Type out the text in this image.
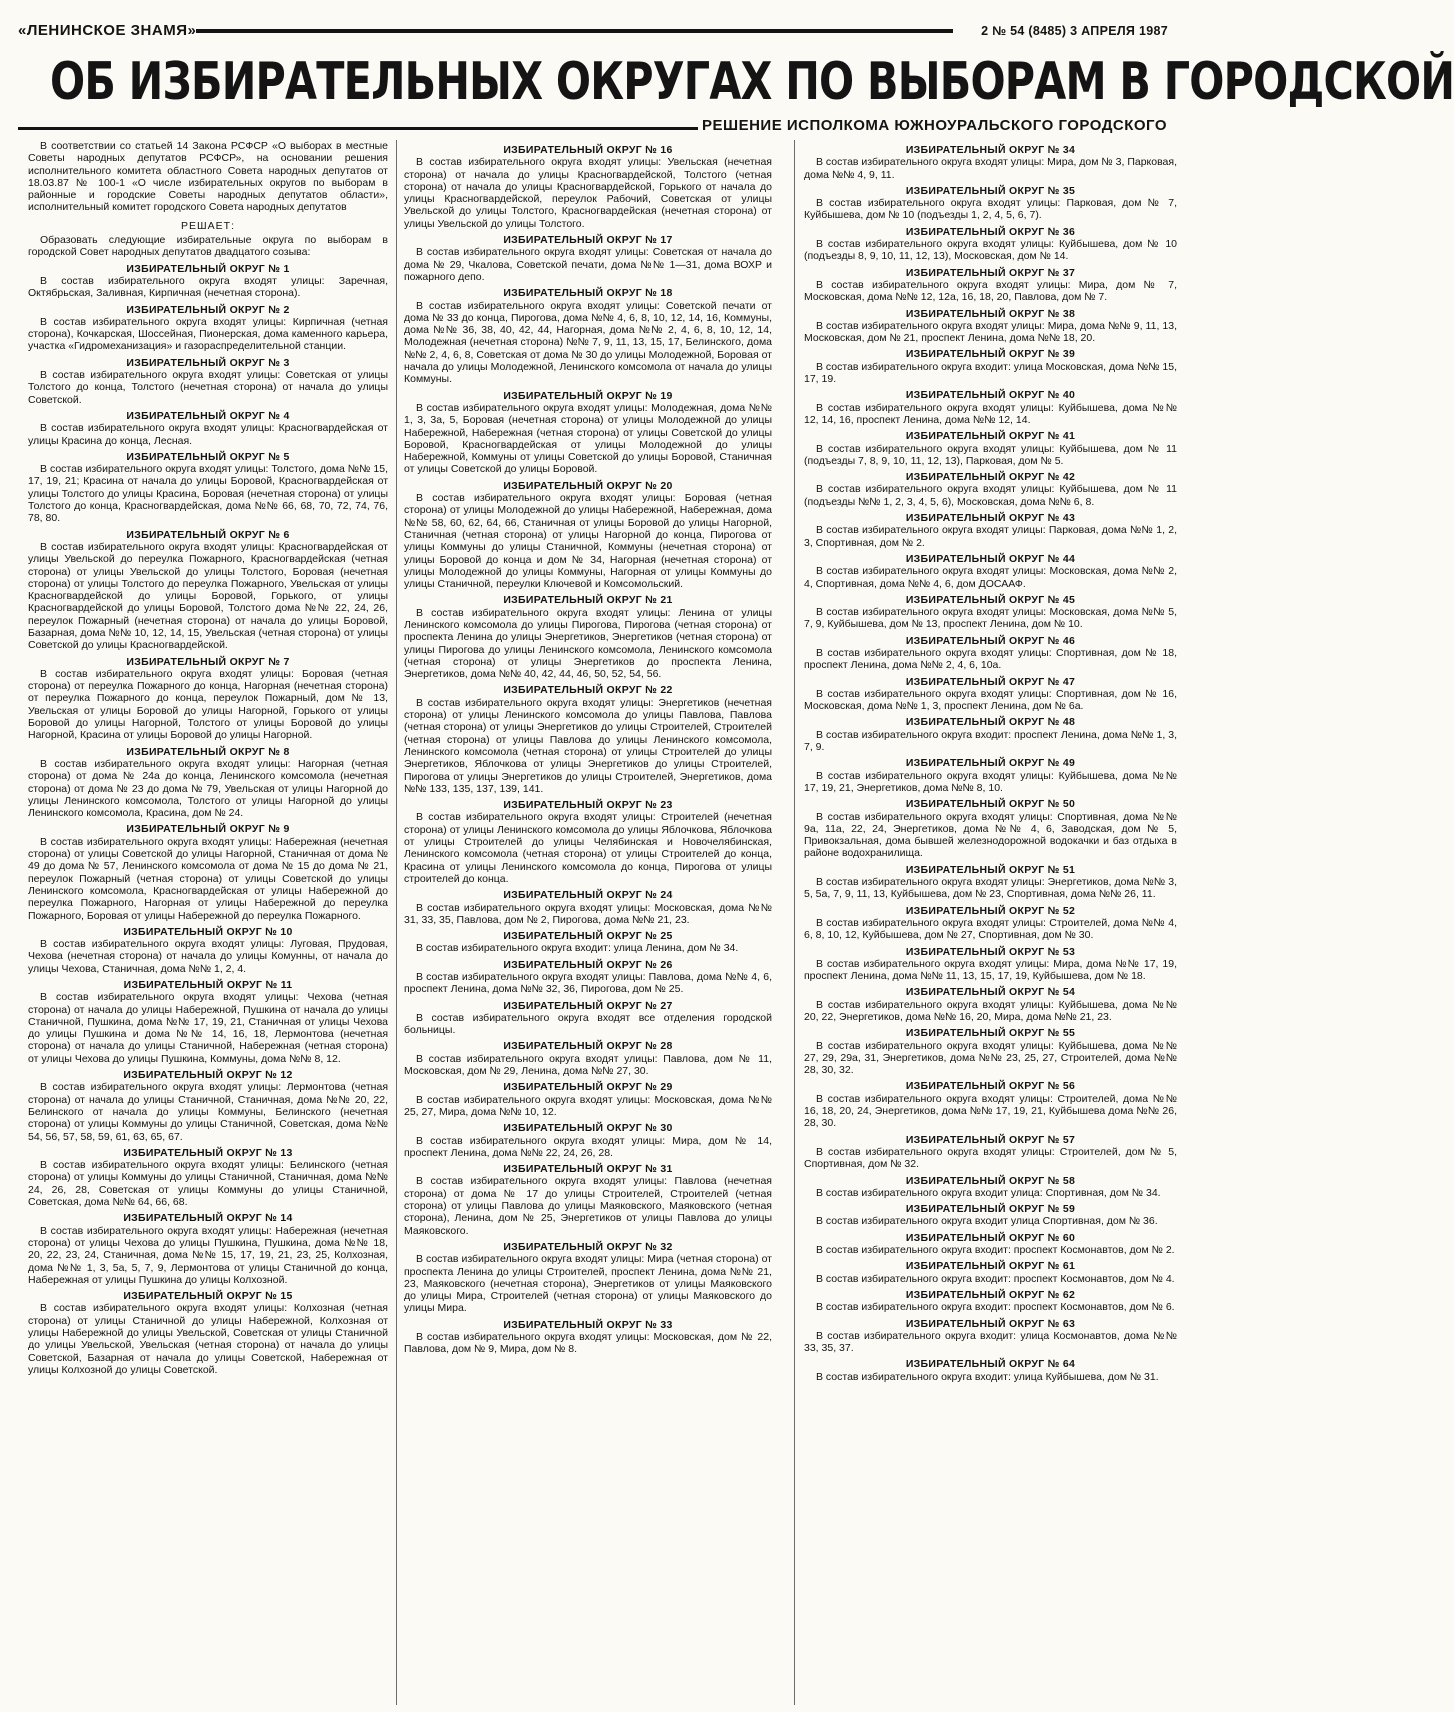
«ЛЕНИНСКОЕ ЗНАМЯ»	2 № 54 (8485) 3 АПРЕЛЯ 1987
ОБ ИЗБИРАТЕЛЬНЫХ ОКРУГАХ ПО ВЫБОРАМ В ГОРОДСКОЙ
РЕШЕНИЕ ИСПОЛКОМА ЮЖНОУРАЛЬСКОГО ГОРОДСКОГО

В соответствии со статьей 14 Закона РСФСР «О выборах в местные Советы народных депутатов РСФСР», на основании решения исполнительного комитета областного Совета народных депутатов от 18.03.87 № 100-1 «О числе избирательных округов по выборам в районные и городские Советы народных депутатов области», исполнительный комитет городского Совета народных депутатов

РЕШАЕТ:

Образовать следующие избирательные округа по выборам в городской Совет народных депутатов двадцатого созыва:

ИЗБИРАТЕЛЬНЫЙ ОКРУГ № 1

В состав избирательного округа входят улицы: Заречная, Октябрьская, Заливная, Кирпичная (нечетная сторона).

ИЗБИРАТЕЛЬНЫЙ ОКРУГ № 2

В состав избирательного округа входят улицы: Кирпичная (четная сторона), Кочкарская, Шоссейная, Пионерская, дома каменного карьера, участка «Гидромеханизация» и газораспределительной станции.

ИЗБИРАТЕЛЬНЫЙ ОКРУГ № 3

В состав избирательного округа входят улицы: Советская от улицы Толстого до конца, Толстого (нечетная сторона) от начала до улицы Советской.

ИЗБИРАТЕЛЬНЫЙ ОКРУГ № 4

В состав избирательного округа входят улицы: Красногвардейская от улицы Красина до конца, Лесная.

ИЗБИРАТЕЛЬНЫЙ ОКРУГ № 5

В состав избирательного округа входят улицы: Толстого, дома №№ 15, 17, 19, 21; Красина от начала до улицы Боровой, Красногвардейская от улицы Толстого до улицы Красина, Боровая (нечетная сторона) от улицы Толстого до конца, Красногвардейская, дома №№ 66, 68, 70, 72, 74, 76, 78, 80.

ИЗБИРАТЕЛЬНЫЙ ОКРУГ № 6

В состав избирательного округа входят улицы: Красногвардейская от улицы Увельской до переулка Пожарного, Красногвардейская (четная сторона) от улицы Увельской до улицы Толстого, Боровая (нечетная сторона) от улицы Толстого до переулка Пожарного, Увельская от улицы Красногвардейской до улицы Боровой, Горького, от улицы Красногвардейской до улицы Боровой, Толстого дома №№ 22, 24, 26, переулок Пожарный (нечетная сторона) от начала до улицы Боровой, Базарная, дома №№ 10, 12, 14, 15, Увельская (четная сторона) от улицы Советской до улицы Красногвардейской.

ИЗБИРАТЕЛЬНЫЙ ОКРУГ № 7

В состав избирательного округа входят улицы: Боровая (четная сторона) от переулка Пожарного до конца, Нагорная (нечетная сторона) от переулка Пожарного до конца, переулок Пожарный, дом № 13, Увельская от улицы Боровой до улицы Нагорной, Горького от улицы Боровой до улицы Нагорной, Толстого от улицы Боровой до улицы Нагорной, Красина от улицы Боровой до улицы Нагорной.

ИЗБИРАТЕЛЬНЫЙ ОКРУГ № 8

В состав избирательного округа входят улицы: Нагорная (четная сторона) от дома № 24а до конца, Ленинского комсомола (нечетная сторона) от дома № 23 до дома № 79, Увельская от улицы Нагорной до улицы Ленинского комсомола, Толстого от улицы Нагорной до улицы Ленинского комсомола, Красина, дом № 24.

ИЗБИРАТЕЛЬНЫЙ ОКРУГ № 9

В состав избирательного округа входят улицы: Набережная (нечетная сторона) от улицы Советской до улицы Нагорной, Станичная от дома № 49 до дома № 57, Ленинского комсомола от дома № 15 до дома № 21, переулок Пожарный (четная сторона) от улицы Советской до улицы Ленинского комсомола, Красногвардейская от улицы Набережной до переулка Пожарного, Нагорная от улицы Набережной до переулка Пожарного, Боровая от улицы Набережной до переулка Пожарного.

ИЗБИРАТЕЛЬНЫЙ ОКРУГ № 10

В состав избирательного округа входят улицы: Луговая, Прудовая, Чехова (нечетная сторона) от начала до улицы Комунны, от начала до улицы Чехова, Станичная, дома №№ 1, 2, 4.

ИЗБИРАТЕЛЬНЫЙ ОКРУГ № 11

В состав избирательного округа входят улицы: Чехова (четная сторона) от начала до улицы Набережной, Пушкина от начала до улицы Станичной, Пушкина, дома №№ 17, 19, 21, Станичная от улицы Чехова до улицы Пушкина и дома №№ 14, 16, 18, Лермонтова (нечетная сторона) от начала до улицы Станичной, Набережная (четная сторона) от улицы Чехова до улицы Пушкина, Коммуны, дома №№ 8, 12.

ИЗБИРАТЕЛЬНЫЙ ОКРУГ № 12

В состав избирательного округа входят улицы: Лермонтова (четная сторона) от начала до улицы Станичной, Станичная, дома №№ 20, 22, Белинского от начала до улицы Коммуны, Белинского (нечетная сторона) от улицы Коммуны до улицы Станичной, Советская, дома №№ 54, 56, 57, 58, 59, 61, 63, 65, 67.

ИЗБИРАТЕЛЬНЫЙ ОКРУГ № 13

В состав избирательного округа входят улицы: Белинского (четная сторона) от улицы Коммуны до улицы Станичной, Станичная, дома №№ 24, 26, 28, Советская от улицы Коммуны до улицы Станичной, Советская, дома №№ 64, 66, 68.

ИЗБИРАТЕЛЬНЫЙ ОКРУГ № 14

В состав избирательного округа входят улицы: Набережная (нечетная сторона) от улицы Чехова до улицы Пушкина, Пушкина, дома №№ 18, 20, 22, 23, 24, Станичная, дома №№ 15, 17, 19, 21, 23, 25, Колхозная, дома №№ 1, 3, 5а, 5, 7, 9, Лермонтова от улицы Станичной до конца, Набережная от улицы Пушкина до улицы Колхозной.

ИЗБИРАТЕЛЬНЫЙ ОКРУГ № 15

В состав избирательного округа входят улицы: Колхозная (четная сторона) от улицы Станичной до улицы Набережной, Колхозная от улицы Набережной до улицы Увельской, Советская от улицы Станичной до улицы Увельской, Увельская (четная сторона) от начала до улицы Советской, Базарная от начала до улицы Советской, Набережная от улицы Колхозной до улицы Советской.

ИЗБИРАТЕЛЬНЫЙ ОКРУГ № 16

В состав избирательного округа входят улицы: Увельская (нечетная сторона) от начала до улицы Красногвардейской, Толстого (четная сторона) от начала до улицы Красногвардейской, Горького от начала до улицы Красногвардейской, переулок Рабочий, Советская от улицы Увельской до улицы Толстого, Красногвардейская (нечетная сторона) от улицы Увельской до улицы Толстого.

ИЗБИРАТЕЛЬНЫЙ ОКРУГ № 17

В состав избирательного округа входят улицы: Советская от начала до дома № 29, Чкалова, Советской печати, дома №№ 1—31, дома ВОХР и пожарного депо.

ИЗБИРАТЕЛЬНЫЙ ОКРУГ № 18

В состав избирательного округа входят улицы: Советской печати от дома № 33 до конца, Пирогова, дома №№ 4, 6, 8, 10, 12, 14, 16, Коммуны, дома №№ 36, 38, 40, 42, 44, Нагорная, дома №№ 2, 4, 6, 8, 10, 12, 14, Молодежная (нечетная сторона) №№ 7, 9, 11, 13, 15, 17, Белинского, дома №№ 2, 4, 6, 8, Советская от дома № 30 до улицы Молодежной, Боровая от начала до улицы Молодежной, Ленинского комсомола от начала до улицы Коммуны.

ИЗБИРАТЕЛЬНЫЙ ОКРУГ № 19

В состав избирательного округа входят улицы: Молодежная, дома №№ 1, 3, 3а, 5, Боровая (нечетная сторона) от улицы Молодежной до улицы Набережной, Набережная (четная сторона) от улицы Советской до улицы Боровой, Красногвардейская от улицы Молодежной до улицы Набережной, Коммуны от улицы Советской до улицы Боровой, Станичная от улицы Советской до улицы Боровой.

ИЗБИРАТЕЛЬНЫЙ ОКРУГ № 20

В состав избирательного округа входят улицы: Боровая (четная сторона) от улицы Молодежной до улицы Набережной, Набережная, дома №№ 58, 60, 62, 64, 66, Станичная от улицы Боровой до улицы Нагорной, Станичная (четная сторона) от улицы Нагорной до конца, Пирогова от улицы Коммуны до улицы Станичной, Коммуны (нечетная сторона) от улицы Боровой до конца и дом № 34, Нагорная (нечетная сторона) от улицы Молодежной до улицы Коммуны, Нагорная от улицы Коммуны до улицы Станичной, переулки Ключевой и Комсомольский.

ИЗБИРАТЕЛЬНЫЙ ОКРУГ № 21

В состав избирательного округа входят улицы: Ленина от улицы Ленинского комсомола до улицы Пирогова, Пирогова (четная сторона) от проспекта Ленина до улицы Энергетиков, Энергетиков (четная сторона) от улицы Пирогова до улицы Ленинского комсомола, Ленинского комсомола (четная сторона) от улицы Энергетиков до проспекта Ленина, Энергетиков, дома №№ 40, 42, 44, 46, 50, 52, 54, 56.

ИЗБИРАТЕЛЬНЫЙ ОКРУГ № 22

В состав избирательного округа входят улицы: Энергетиков (нечетная сторона) от улицы Ленинского комсомола до улицы Павлова, Павлова (четная сторона) от улицы Энергетиков до улицы Строителей, Строителей (четная сторона) от улицы Павлова до улицы Ленинского комсомола, Ленинского комсомола (четная сторона) от улицы Строителей до улицы Энергетиков, Яблочкова от улицы Энергетиков до улицы Строителей, Пирогова от улицы Энергетиков до улицы Строителей, Энергетиков, дома №№ 133, 135, 137, 139, 141.

ИЗБИРАТЕЛЬНЫЙ ОКРУГ № 23

В состав избирательного округа входят улицы: Строителей (нечетная сторона) от улицы Ленинского комсомола до улицы Яблочкова, Яблочкова от улицы Строителей до улицы Челябинская и Новочелябинская, Ленинского комсомола (четная сторона) от улицы Строителей до конца, Красина от улицы Ленинского комсомола до конца, Пирогова от улицы строителей до конца.

ИЗБИРАТЕЛЬНЫЙ ОКРУГ № 24

В состав избирательного округа входят улицы: Московская, дома №№ 31, 33, 35, Павлова, дом № 2, Пирогова, дома №№ 21, 23.

ИЗБИРАТЕЛЬНЫЙ ОКРУГ № 25

В состав избирательного округа входит: улица Ленина, дом № 34.

ИЗБИРАТЕЛЬНЫЙ ОКРУГ № 26

В состав избирательного округа входят улицы: Павлова, дома №№ 4, 6, проспект Ленина, дома №№ 32, 36, Пирогова, дом № 25.

ИЗБИРАТЕЛЬНЫЙ ОКРУГ № 27

В состав избирательного округа входят все отделения городской больницы.

ИЗБИРАТЕЛЬНЫЙ ОКРУГ № 28

В состав избирательного округа входят улицы: Павлова, дом № 11, Московская, дом № 29, Ленина, дома №№ 27, 30.

ИЗБИРАТЕЛЬНЫЙ ОКРУГ № 29

В состав избирательного округа входят улицы: Московская, дома №№ 25, 27, Мира, дома №№ 10, 12.

ИЗБИРАТЕЛЬНЫЙ ОКРУГ № 30

В состав избирательного округа входят улицы: Мира, дом № 14, проспект Ленина, дома №№ 22, 24, 26, 28.

ИЗБИРАТЕЛЬНЫЙ ОКРУГ № 31

В состав избирательного округа входят улицы: Павлова (нечетная сторона) от дома № 17 до улицы Строителей, Строителей (четная сторона) от улицы Павлова до улицы Маяковского, Маяковского (четная сторона), Ленина, дом № 25, Энергетиков от улицы Павлова до улицы Маяковского.

ИЗБИРАТЕЛЬНЫЙ ОКРУГ № 32

В состав избирательного округа входят улицы: Мира (четная сторона) от проспекта Ленина до улицы Строителей, проспект Ленина, дома №№ 21, 23, Маяковского (нечетная сторона), Энергетиков от улицы Маяковского до улицы Мира, Строителей (четная сторона) от улицы Маяковского до улицы Мира.

ИЗБИРАТЕЛЬНЫЙ ОКРУГ № 33

В состав избирательного округа входят улицы: Московская, дом № 22, Павлова, дом № 9, Мира, дом № 8.

ИЗБИРАТЕЛЬНЫЙ ОКРУГ № 34

В состав избирательного округа входят улицы: Мира, дом № 3, Парковая, дома №№ 4, 9, 11.

ИЗБИРАТЕЛЬНЫЙ ОКРУГ № 35

В состав избирательного округа входят улицы: Парковая, дом № 7, Куйбышева, дом № 10 (подъезды 1, 2, 4, 5, 6, 7).

ИЗБИРАТЕЛЬНЫЙ ОКРУГ № 36

В состав избирательного округа входят улицы: Куйбышева, дом № 10 (подъезды 8, 9, 10, 11, 12, 13), Московская, дом № 14.

ИЗБИРАТЕЛЬНЫЙ ОКРУГ № 37

В состав избирательного округа входят улицы: Мира, дом № 7, Московская, дома №№ 12, 12а, 16, 18, 20, Павлова, дом № 7.

ИЗБИРАТЕЛЬНЫЙ ОКРУГ № 38

В состав избирательного округа входят улицы: Мира, дома №№ 9, 11, 13, Московская, дом № 21, проспект Ленина, дома №№ 18, 20.

ИЗБИРАТЕЛЬНЫЙ ОКРУГ № 39

В состав избирательного округа входит: улица Московская, дома №№ 15, 17, 19.

ИЗБИРАТЕЛЬНЫЙ ОКРУГ № 40

В состав избирательного округа входят улицы: Куйбышева, дома №№ 12, 14, 16, проспект Ленина, дома №№ 12, 14.

ИЗБИРАТЕЛЬНЫЙ ОКРУГ № 41

В состав избирательного округа входят улицы: Куйбышева, дом № 11 (подъезды 7, 8, 9, 10, 11, 12, 13), Парковая, дом № 5.

ИЗБИРАТЕЛЬНЫЙ ОКРУГ № 42

В состав избирательного округа входят улицы: Куйбышева, дом № 11 (подъезды №№ 1, 2, 3, 4, 5, 6), Московская, дома №№ 6, 8.

ИЗБИРАТЕЛЬНЫЙ ОКРУГ № 43

В состав избирательного округа входят улицы: Парковая, дома №№ 1, 2, 3, Спортивная, дом № 2.

ИЗБИРАТЕЛЬНЫЙ ОКРУГ № 44

В состав избирательного округа входят улицы: Московская, дома №№ 2, 4, Спортивная, дома №№ 4, 6, дом ДОСААФ.

ИЗБИРАТЕЛЬНЫЙ ОКРУГ № 45

В состав избирательного округа входят улицы: Московская, дома №№ 5, 7, 9, Куйбышева, дом № 13, проспект Ленина, дом № 10.

ИЗБИРАТЕЛЬНЫЙ ОКРУГ № 46

В состав избирательного округа входят улицы: Спортивная, дом № 18, проспект Ленина, дома №№ 2, 4, 6, 10а.

ИЗБИРАТЕЛЬНЫЙ ОКРУГ № 47

В состав избирательного округа входят улицы: Спортивная, дом № 16, Московская, дома №№ 1, 3, проспект Ленина, дом № 6а.

ИЗБИРАТЕЛЬНЫЙ ОКРУГ № 48

В состав избирательного округа входит: проспект Ленина, дома №№ 1, 3, 7, 9.

ИЗБИРАТЕЛЬНЫЙ ОКРУГ № 49

В состав избирательного округа входят улицы: Куйбышева, дома №№ 17, 19, 21, Энергетиков, дома №№ 8, 10.

ИЗБИРАТЕЛЬНЫЙ ОКРУГ № 50

В состав избирательного округа входят улицы: Спортивная, дома №№ 9а, 11а, 22, 24, Энергетиков, дома №№ 4, 6, Заводская, дом № 5, Привокзальная, дома бывшей железнодорожной водокачки и баз отдыха в районе водохранилища.

ИЗБИРАТЕЛЬНЫЙ ОКРУГ № 51

В состав избирательного округа входят улицы: Энергетиков, дома №№ 3, 5, 5а, 7, 9, 11, 13, Куйбышева, дом № 23, Спортивная, дома №№ 26, 11.

ИЗБИРАТЕЛЬНЫЙ ОКРУГ № 52

В состав избирательного округа входят улицы: Строителей, дома №№ 4, 6, 8, 10, 12, Куйбышева, дом № 27, Спортивная, дом № 30.

ИЗБИРАТЕЛЬНЫЙ ОКРУГ № 53

В состав избирательного округа входят улицы: Мира, дома №№ 17, 19, проспект Ленина, дома №№ 11, 13, 15, 17, 19, Куйбышева, дом № 18.

ИЗБИРАТЕЛЬНЫЙ ОКРУГ № 54

В состав избирательного округа входят улицы: Куйбышева, дома №№ 20, 22, Энергетиков, дома №№ 16, 20, Мира, дома №№ 21, 23.

ИЗБИРАТЕЛЬНЫЙ ОКРУГ № 55

В состав избирательного округа входят улицы: Куйбышева, дома №№ 27, 29, 29а, 31, Энергетиков, дома №№ 23, 25, 27, Строителей, дома №№ 28, 30, 32.

ИЗБИРАТЕЛЬНЫЙ ОКРУГ № 56

В состав избирательного округа входят улицы: Строителей, дома №№ 16, 18, 20, 24, Энергетиков, дома №№ 17, 19, 21, Куйбышева дома №№ 26, 28, 30.

ИЗБИРАТЕЛЬНЫЙ ОКРУГ № 57

В состав избирательного округа входят улицы: Строителей, дом № 5, Спортивная, дом № 32.

ИЗБИРАТЕЛЬНЫЙ ОКРУГ № 58

В состав избирательного округа входит улица: Спортивная, дом № 34.

ИЗБИРАТЕЛЬНЫЙ ОКРУГ № 59

В состав избирательного округа входит улица Спортивная, дом № 36.

ИЗБИРАТЕЛЬНЫЙ ОКРУГ № 60

В состав избирательного округа входит: проспект Космонавтов, дом № 2.

ИЗБИРАТЕЛЬНЫЙ ОКРУГ № 61

В состав избирательного округа входит: проспект Космонавтов, дом № 4.

ИЗБИРАТЕЛЬНЫЙ ОКРУГ № 62

В состав избирательного округа входит: проспект Космонавтов, дом № 6.

ИЗБИРАТЕЛЬНЫЙ ОКРУГ № 63

В состав избирательного округа входит: улица Космонавтов, дома №№ 33, 35, 37.

ИЗБИРАТЕЛЬНЫЙ ОКРУГ № 64

В состав избирательного округа входит: улица Куйбышева, дом № 31.
